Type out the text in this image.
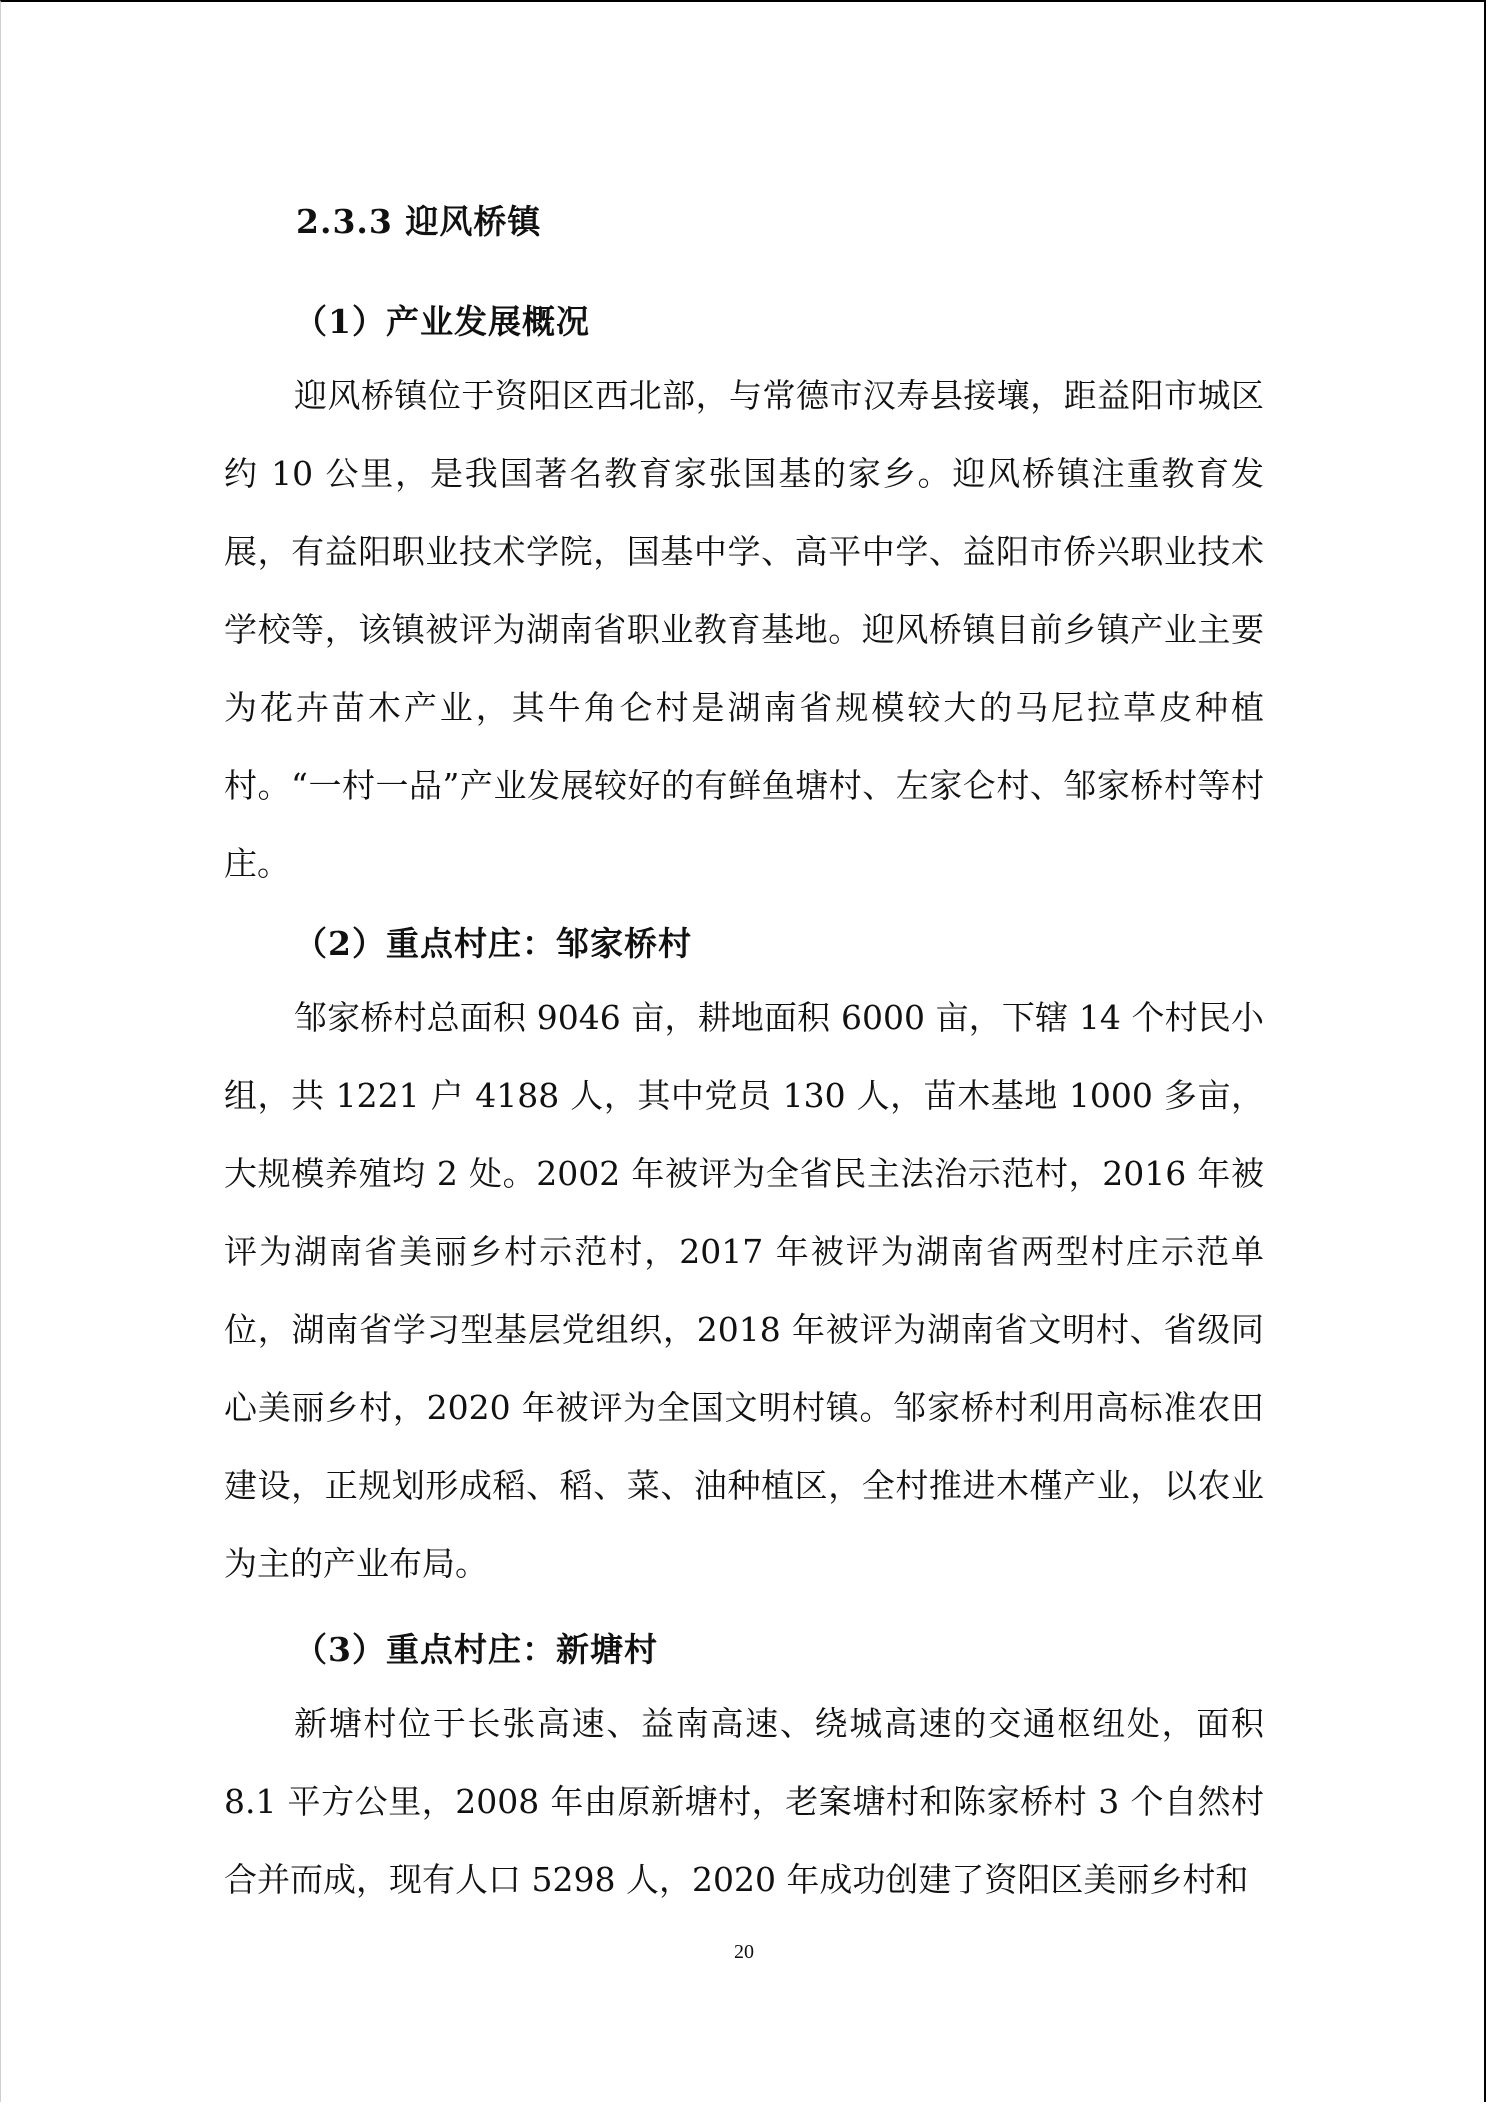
2.3.3 迎风桥镇
（1）产业发展概况
迎风桥镇位于资阳区西北部，与常德市汉寿县接壤，距益阳市城区约 10 公里，是我国著名教育家张国基的家乡。迎风桥镇注重教育发展，有益阳职业技术学院，国基中学、高平中学、益阳市侨兴职业技术学校等，该镇被评为湖南省职业教育基地。迎风桥镇目前乡镇产业主要为花卉苗木产业，其牛角仑村是湖南省规模较大的马尼拉草皮种植村。“一村一品”产业发展较好的有鲜鱼塘村、左家仑村、邹家桥村等村庄。
（2）重点村庄：邹家桥村
邹家桥村总面积 9046 亩，耕地面积 6000 亩，下辖 14 个村民小组，共 1221 户 4188 人，其中党员 130 人，苗木基地 1000 多亩，大规模养殖均 2 处。2002 年被评为全省民主法治示范村，2016 年被评为湖南省美丽乡村示范村，2017 年被评为湖南省两型村庄示范单位，湖南省学习型基层党组织，2018 年被评为湖南省文明村、省级同心美丽乡村，2020 年被评为全国文明村镇。邹家桥村利用高标准农田建设，正规划形成稻、稻、菜、油种植区，全村推进木槿产业，以农业为主的产业布局。
（3）重点村庄：新塘村
新塘村位于长张高速、益南高速、绕城高速的交通枢纽处，面积 8.1 平方公里，2008 年由原新塘村，老案塘村和陈家桥村 3 个自然村合并而成，现有人口 5298 人，2020 年成功创建了资阳区美丽乡村和
20
